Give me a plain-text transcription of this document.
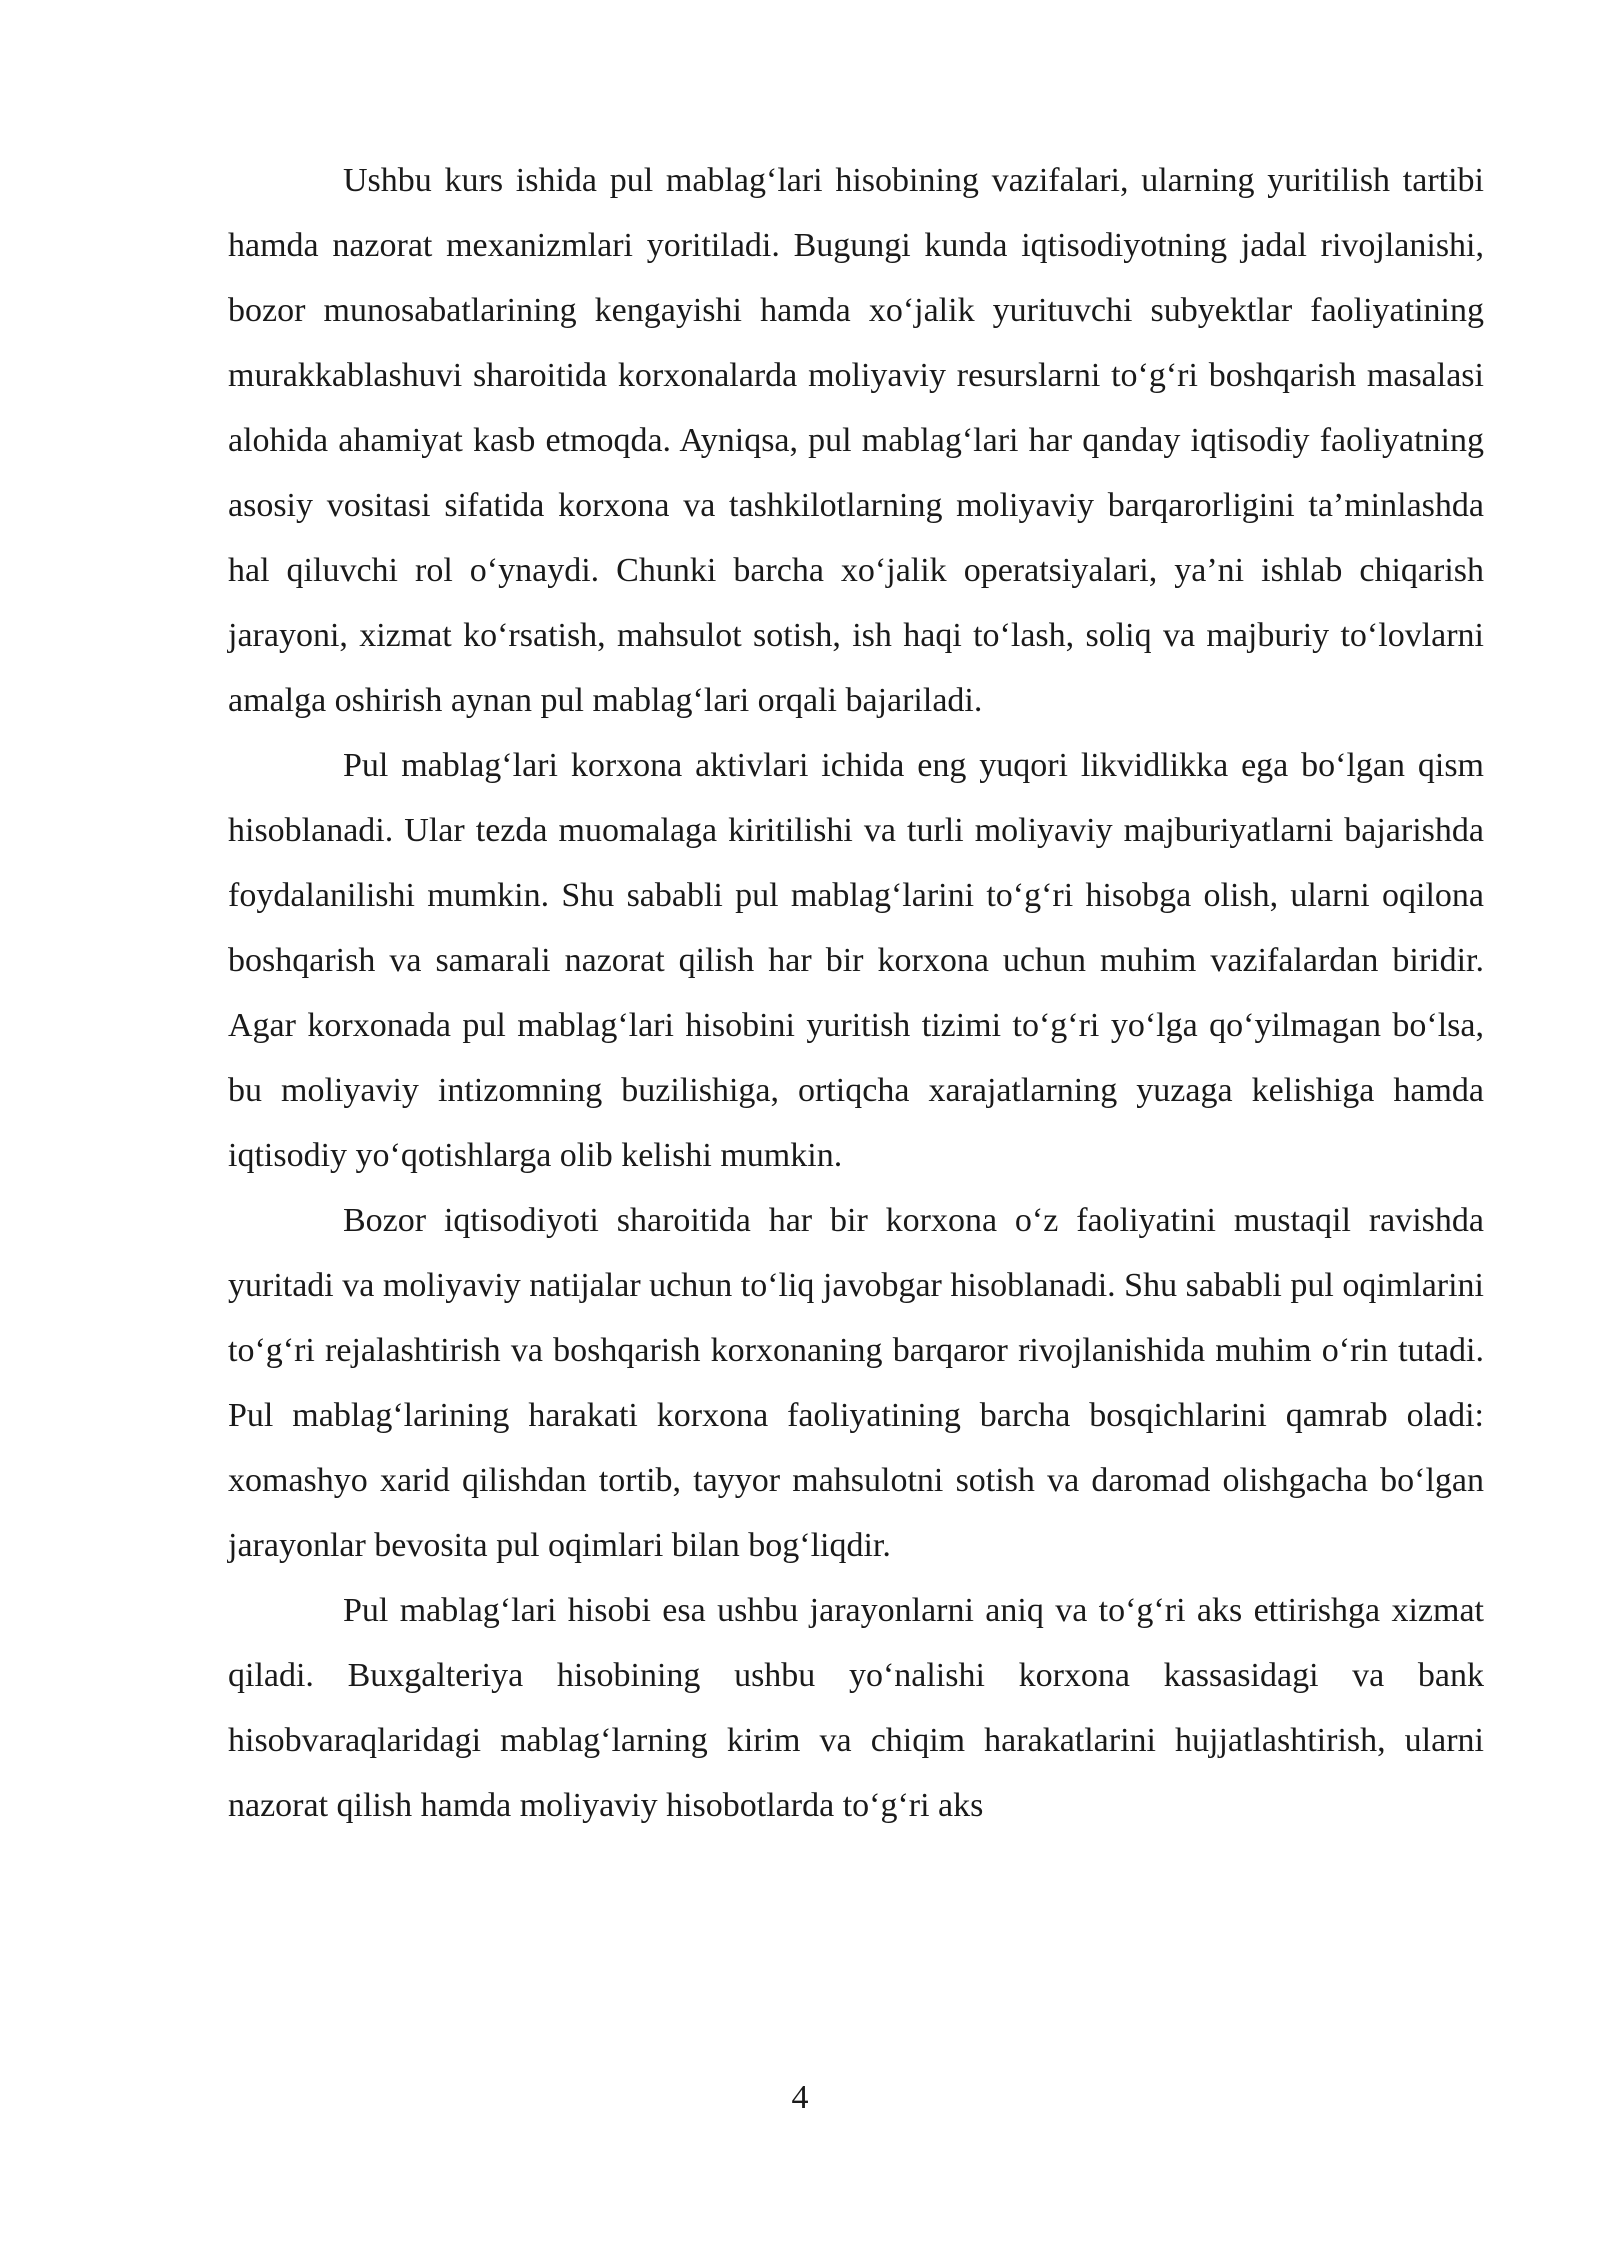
Ushbu kurs ishida pul mablag‘lari hisobining vazifalari, ularning yuritilish tartibi hamda nazorat mexanizmlari yoritiladi. Bugungi kunda iqtisodiyotning jadal rivojlanishi, bozor munosabatlarining kengayishi hamda xo‘jalik yurituvchi subyektlar faoliyatining murakkablashuvi sharoitida korxonalarda moliyaviy resurslarni to‘g‘ri boshqarish masalasi alohida ahamiyat kasb etmoqda. Ayniqsa, pul mablag‘lari har qanday iqtisodiy faoliyatning asosiy vositasi sifatida korxona va tashkilotlarning moliyaviy barqarorligini ta’minlashda hal qiluvchi rol o‘ynaydi. Chunki barcha xo‘jalik operatsiyalari, ya’ni ishlab chiqarish jarayoni, xizmat ko‘rsatish, mahsulot sotish, ish haqi to‘lash, soliq va majburiy to‘lovlarni amalga oshirish aynan pul mablag‘lari orqali bajariladi.

Pul mablag‘lari korxona aktivlari ichida eng yuqori likvidlikka ega bo‘lgan qism hisoblanadi. Ular tezda muomalaga kiritilishi va turli moliyaviy majburiyatlarni bajarishda foydalanilishi mumkin. Shu sababli pul mablag‘larini to‘g‘ri hisobga olish, ularni oqilona boshqarish va samarali nazorat qilish har bir korxona uchun muhim vazifalardan biridir. Agar korxonada pul mablag‘lari hisobini yuritish tizimi to‘g‘ri yo‘lga qo‘yilmagan bo‘lsa, bu moliyaviy intizomning buzilishiga, ortiqcha xarajatlarning yuzaga kelishiga hamda iqtisodiy yo‘qotishlarga olib kelishi mumkin.

Bozor iqtisodiyoti sharoitida har bir korxona o‘z faoliyatini mustaqil ravishda yuritadi va moliyaviy natijalar uchun to‘liq javobgar hisoblanadi. Shu sababli pul oqimlarini to‘g‘ri rejalashtirish va boshqarish korxonaning barqaror rivojlanishida muhim o‘rin tutadi. Pul mablag‘larining harakati korxona faoliyatining barcha bosqichlarini qamrab oladi: xomashyo xarid qilishdan tortib, tayyor mahsulotni sotish va daromad olishgacha bo‘lgan jarayonlar bevosita pul oqimlari bilan bog‘liqdir.

Pul mablag‘lari hisobi esa ushbu jarayonlarni aniq va to‘g‘ri aks ettirishga xizmat qiladi. Buxgalteriya hisobining ushbu yo‘nalishi korxona kassasidagi va bank hisobvaraqlaridagi mablag‘larning kirim va chiqim harakatlarini hujjatlashtirish, ularni nazorat qilish hamda moliyaviy hisobotlarda to‘g‘ri aks

4
